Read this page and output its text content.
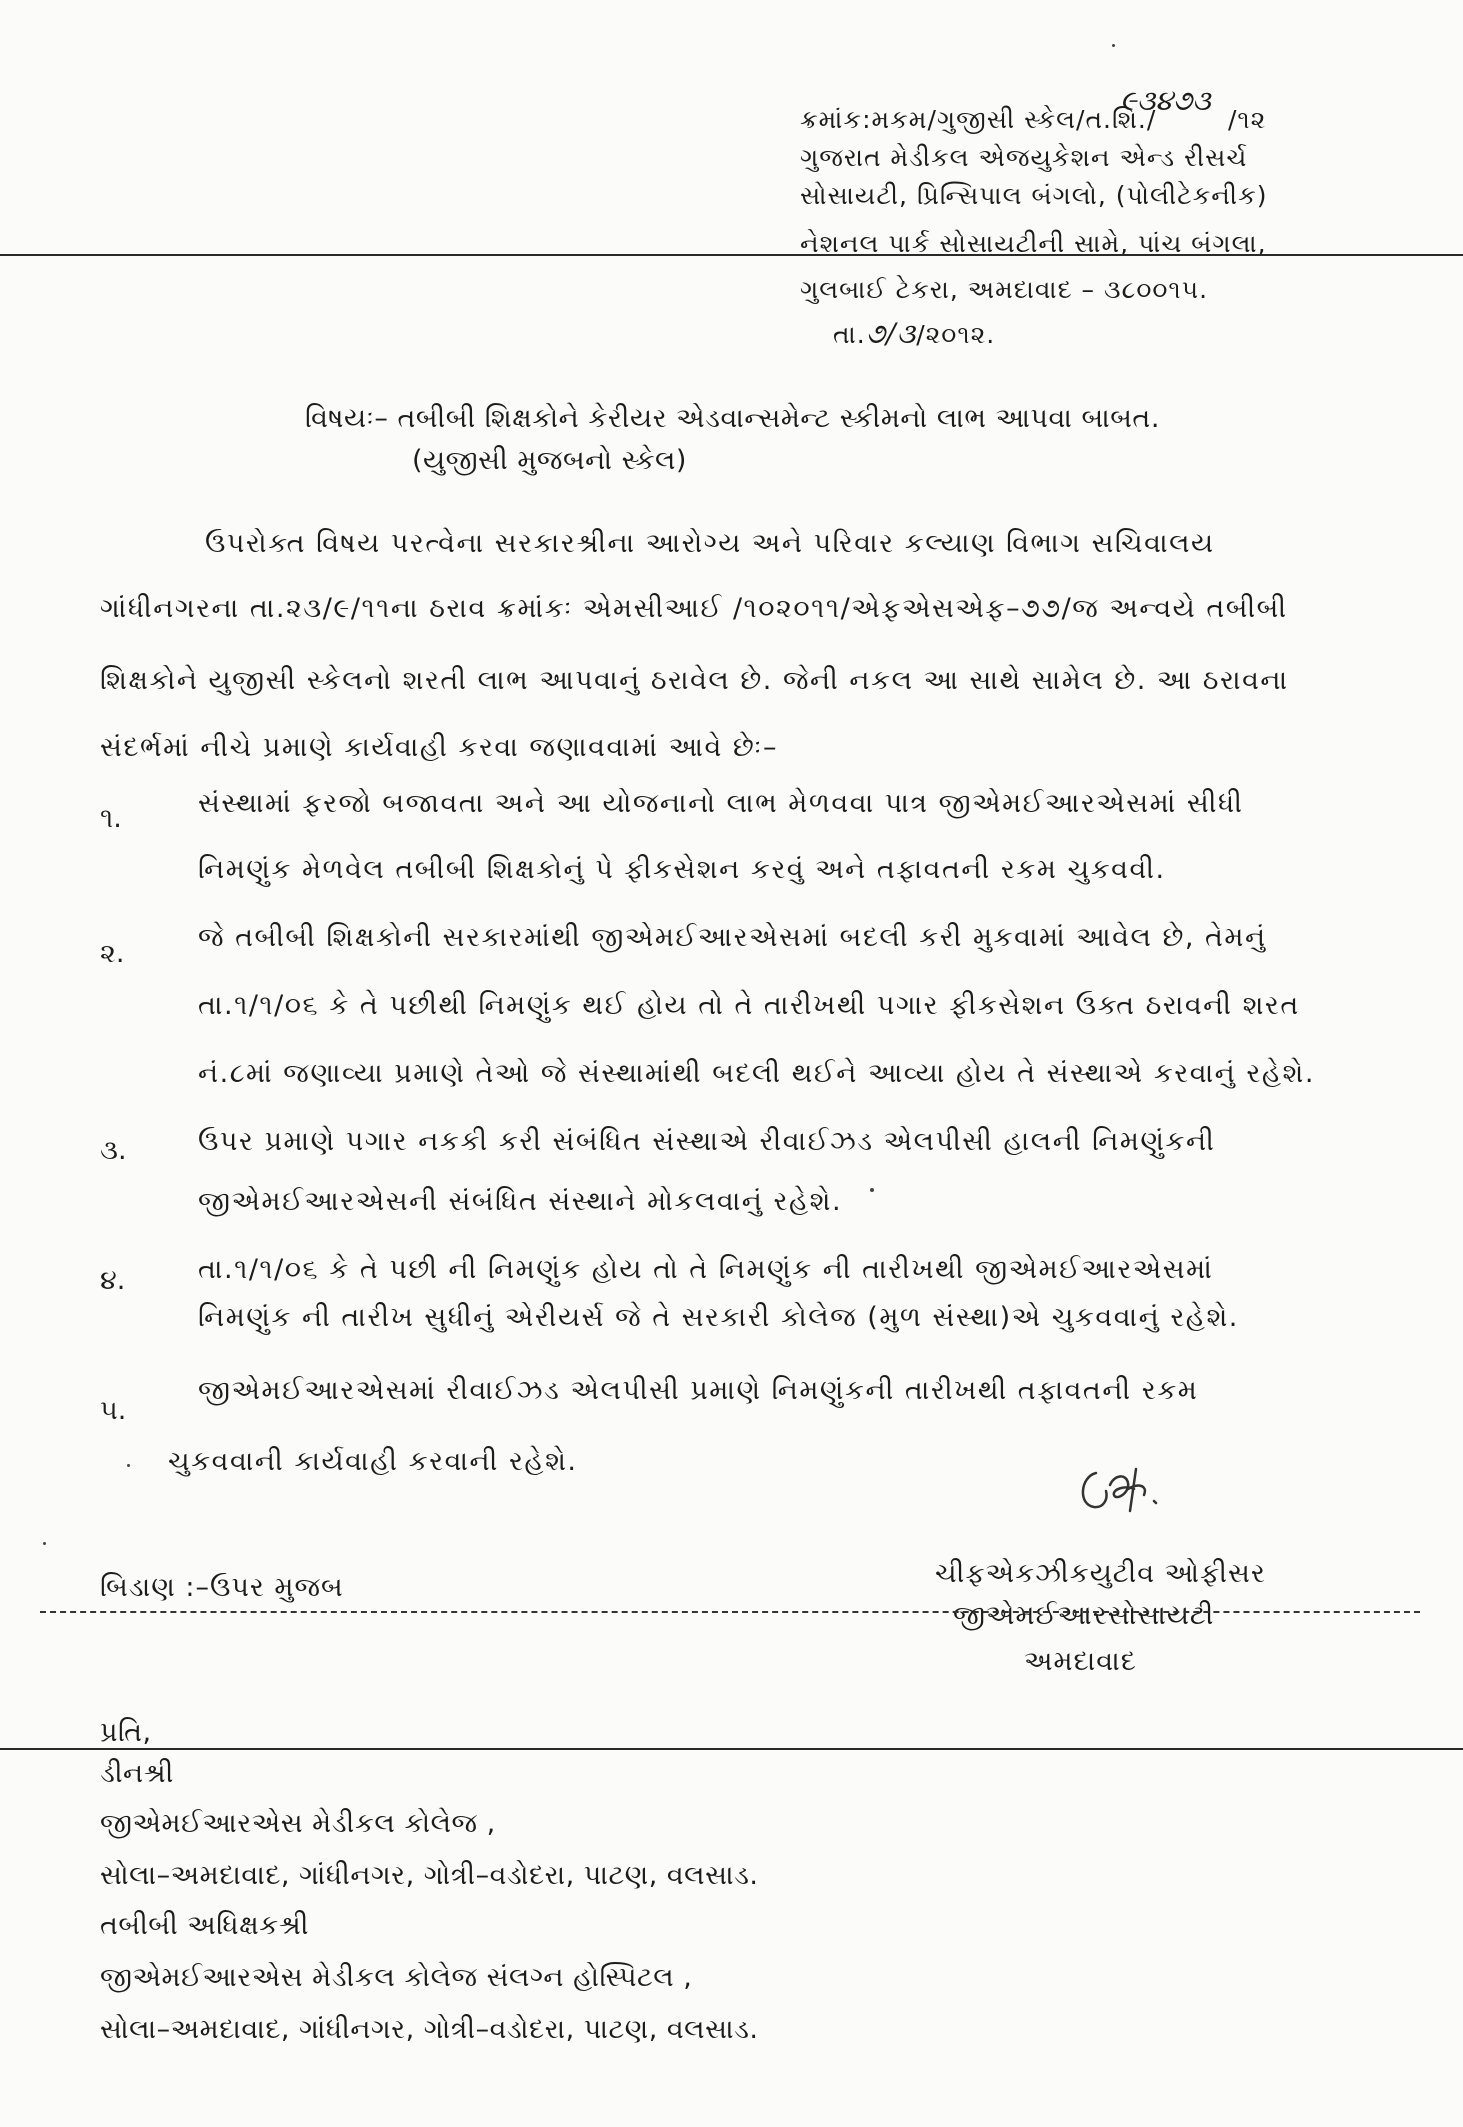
ક્રમાંક:મકમ/ગુજીસી સ્કેલ/ત.શિ./

૯૩૪૭૩

/૧૨

ગુજરાત મેડીકલ એજયુકેશન એન્ડ રીસર્ચ

સોસાયટી, પ્રિન્સિપાલ બંગલો, (પોલીટેકનીક)

નેશનલ પાર્ક સોસાયટીની સામે, પાંચ બંગલા,

ગુલબાઈ ટેકરા, અમદાવાદ – ૩૮૦૦૧૫.

તા.૭/૩/૨૦૧૨.

વિષયઃ– તબીબી શિક્ષકોને કેરીયર એડવાન્સમેન્ટ સ્કીમનો લાભ આપવા બાબત.

(યુજીસી મુજબનો સ્કેલ)

ઉપરોક્ત વિષય પરત્વેના સરકારશ્રીના આરોગ્ય અને પરિવાર કલ્યાણ વિભાગ સચિવાલય

ગાંધીનગરના તા.૨૩/૯/૧૧ના ઠરાવ ક્રમાંકઃ એમસીઆઈ /૧૦૨૦૧૧/એફએસએફ–૭૭/જ અન્વયે તબીબી

શિક્ષકોને યુજીસી સ્કેલનો શરતી લાભ આપવાનું ઠરાવેલ છે. જેની નકલ આ સાથે સામેલ છે. આ ઠરાવના

સંદર્ભમાં નીચે પ્રમાણે કાર્યવાહી કરવા જણાવવામાં આવે છેઃ–

૧.	સંસ્થામાં ફરજો બજાવતા અને આ યોજનાનો લાભ મેળવવા પાત્ર જીએમઈઆરએસમાં સીધી

નિમણુંક મેળવેલ તબીબી શિક્ષકોનું પે ફીકસેશન કરવું અને તફાવતની રકમ ચુકવવી.

૨.

જે તબીબી શિક્ષકોની સરકારમાંથી જીએમઈઆરએસમાં બદલી કરી મુકવામાં આવેલ છે, તેમનું

તા.૧/૧/૦૬ કે તે પછીથી નિમણુંક થઈ હોય તો તે તારીખથી પગાર ફીકસેશન ઉક્ત ઠરાવની શરત

નં.૮માં જણાવ્યા પ્રમાણે તેઓ જે સંસ્થામાંથી બદલી થઈને આવ્યા હોય તે સંસ્થાએ કરવાનું રહેશે.

૩.	ઉપર પ્રમાણે પગાર નકકી કરી સંબંધિત સંસ્થાએ રીવાઈઝડ એલપીસી હાલની નિમણુંકની

જીએમઈઆરએસની સંબંધિત સંસ્થાને મોકલવાનું રહેશે.

૪.	તા.૧/૧/૦૬ કે તે પછી ની નિમણુંક હોય તો તે નિમણુંક ની તારીખથી જીએમઈઆરએસમાં

નિમણુંક ની તારીખ સુધીનું એરીયર્સ જે તે સરકારી કોલેજ (મુળ સંસ્થા)એ ચુકવવાનું રહેશે.

૫.

જીએમઈઆરએસમાં રીવાઈઝડ એલપીસી પ્રમાણે નિમણુંકની તારીખથી તફાવતની રકમ

ચુકવવાની કાર્યવાહી કરવાની રહેશે.

ચીફએકઝીકયુટીવ ઓફીસર

જીએમઈઆરસોસાયટી

અમદાવાદ

બિડાણ :–ઉપર મુજબ

પ્રતિ,

ડીનશ્રી

જીએમઈઆરએસ મેડીકલ કોલેજ ,

સોલા–અમદાવાદ, ગાંધીનગર, ગોત્રી–વડોદરા, પાટણ, વલસાડ.

તબીબી અધિક્ષકશ્રી

જીએમઈઆરએસ મેડીકલ કોલેજ સંલગ્ન હોસ્પિટલ ,

સોલા–અમદાવાદ, ગાંધીનગર, ગોત્રી–વડોદરા, પાટણ, વલસાડ.
